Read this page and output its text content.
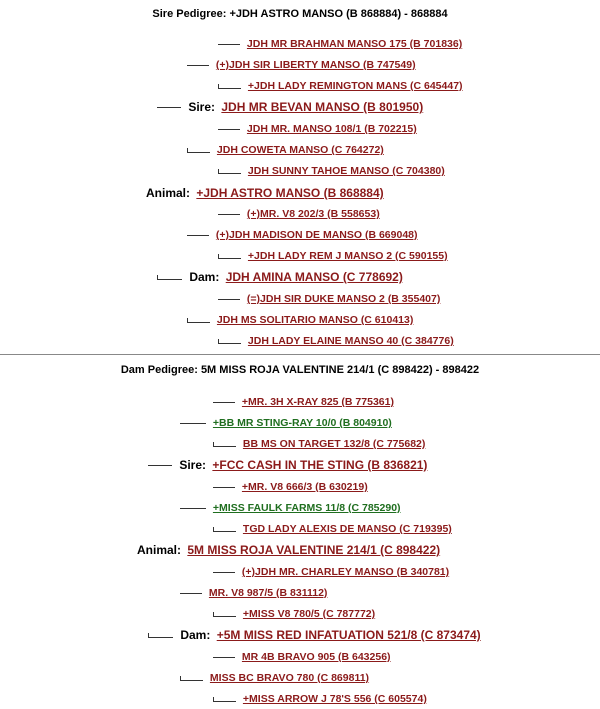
Sire Pedigree: +JDH ASTRO MANSO (B 868884) - 868884
JDH MR BRAHMAN MANSO 175 (B 701836)
(+)JDH SIR LIBERTY MANSO (B 747549)
+JDH LADY REMINGTON MANS (C 645447)
Sire: JDH MR BEVAN MANSO (B 801950)
JDH MR. MANSO 108/1 (B 702215)
JDH COWETA MANSO (C 764272)
JDH SUNNY TAHOE MANSO (C 704380)
Animal: +JDH ASTRO MANSO (B 868884)
(+)MR. V8 202/3 (B 558653)
(+)JDH MADISON DE MANSO (B 669048)
+JDH LADY REM J MANSO 2 (C 590155)
Dam: JDH AMINA MANSO (C 778692)
(=)JDH SIR DUKE MANSO 2 (B 355407)
JDH MS SOLITARIO MANSO (C 610413)
JDH LADY ELAINE MANSO 40 (C 384776)
Dam Pedigree: 5M MISS ROJA VALENTINE 214/1 (C 898422) - 898422
+MR. 3H X-RAY 825 (B 775361)
+BB MR STING-RAY 10/0 (B 804910)
BB MS ON TARGET 132/8 (C 775682)
Sire: +FCC CASH IN THE STING (B 836821)
+MR. V8 666/3 (B 630219)
+MISS FAULK FARMS 11/8 (C 785290)
TGD LADY ALEXIS DE MANSO (C 719395)
Animal: 5M MISS ROJA VALENTINE 214/1 (C 898422)
(+)JDH MR. CHARLEY MANSO (B 340781)
MR. V8 987/5 (B 831112)
+MISS V8 780/5 (C 787772)
Dam: +5M MISS RED INFATUATION 521/8 (C 873474)
MR 4B BRAVO 905 (B 643256)
MISS BC BRAVO 780 (C 869811)
+MISS ARROW J 78'S 556 (C 605574)
